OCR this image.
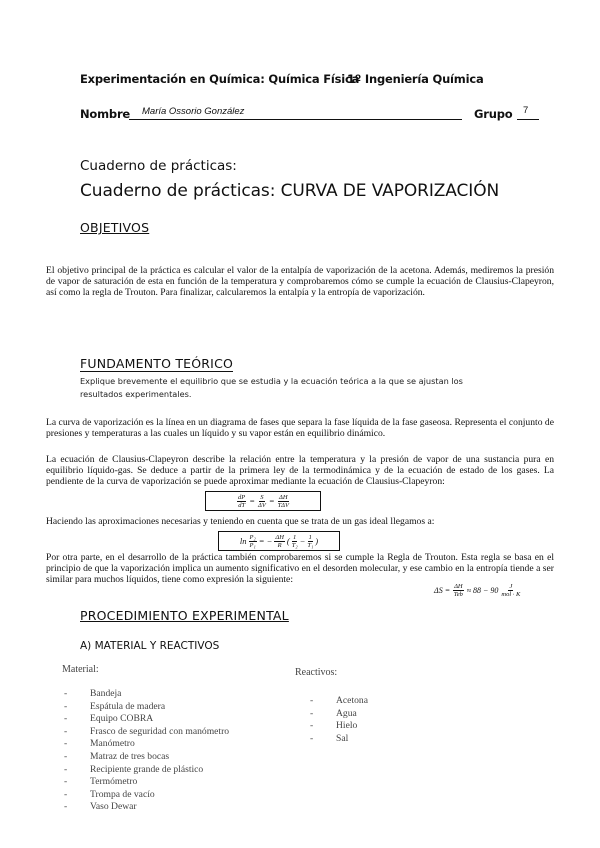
Experimentación en Química: Química Física
1º Ingeniería Química
Nombre María Ossorio González	Grupo 7
Cuaderno de prácticas:
Cuaderno de prácticas: CURVA DE VAPORIZACIÓN
OBJETIVOS
El objetivo principal de la práctica es calcular el valor de la entalpía de vaporización de la acetona. Además, mediremos la presión de vapor de saturación de esta en función de la temperatura y comprobaremos cómo se cumple la ecuación de Clausius-Clapeyron, así como la regla de Trouton. Para finalizar, calcularemos la entalpía y la entropía de vaporización.
FUNDAMENTO TEÓRICO
Explique brevemente el equilibrio que se estudia y la ecuación teórica a la que se ajustan los resultados experimentales.
La curva de vaporización es la línea en un diagrama de fases que separa la fase líquida de la fase gaseosa. Representa el conjunto de presiones y temperaturas a las cuales un líquido y su vapor están en equilibrio dinámico.
La ecuación de Clausius-Clapeyron describe la relación entre la temperatura y la presión de vapor de una sustancia pura en equilibrio líquido-gas. Se deduce a partir de la primera ley de la termodinámica y de la ecuación de estado de los gases. La pendiente de la curva de vaporización se puede aproximar mediante la ecuación de Clausius-Clapeyron:
$\frac{dP}{dT} = \frac{S}{\Delta V} = \frac{\Delta H}{\text{TΔV}}$
Haciendo las aproximaciones necesarias y teniendo en cuenta que se trata de un gas ideal llegamos a:
$\ln \frac{\text{P₂}}{\text{P₁}}$ = − $\frac{\Delta H}{R}$ ( $\frac{1}{\text{T₂}} - \frac{1}{\text{T₁}}$ )
Por otra parte, en el desarrollo de la práctica también comprobaremos si se cumple la Regla de Trouton. Esta regla se basa en el principio de que la vaporización implica un aumento significativo en el desorden molecular, y ese cambio en la entropía tiende a ser similar para muchos líquidos, tiene como expresión la siguiente:
$\Delta S = \frac{\Delta H}{\text{Teb}} \approx 88 - 90 \frac{J}{\text{mol · K}}$
PROCEDIMIENTO EXPERIMENTAL
A) MATERIAL Y REACTIVOS
Material:
- Bandeja
- Espátula de madera
- Equipo COBRA
- Frasco de seguridad con manómetro
- Manómetro
- Matraz de tres bocas
- Recipiente grande de plástico
- Termómetro
- Trompa de vacío
- Vaso Dewar
Reactivos:
- Acetona
- Agua
- Hielo
- Sal
